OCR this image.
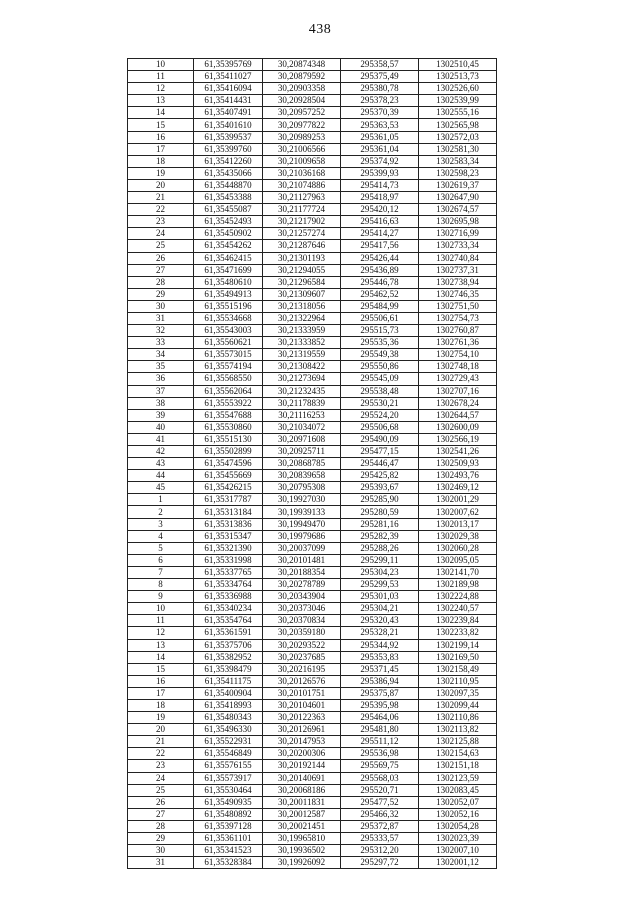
438
10	61,35395769	30,20874348	295358,57	1302510,45
11	61,35411027	30,20879592	295375,49	1302513,73
12	61,35416094	30,20903358	295380,78	1302526,60
13	61,35414431	30,20928504	295378,23	1302539,99
14	61,35407491	30,20957252	295370,39	1302555,16
15	61,35401610	30,20977822	295363,53	1302565,98
16	61,35399537	30,20989253	295361,05	1302572,03
17	61,35399760	30,21006566	295361,04	1302581,30
18	61,35412260	30,21009658	295374,92	1302583,34
19	61,35435066	30,21036168	295399,93	1302598,23
20	61,35448870	30,21074886	295414,73	1302619,37
21	61,35453388	30,21127963	295418,97	1302647,90
22	61,35455087	30,21177724	295420,12	1302674,57
23	61,35452493	30,21217902	295416,63	1302695,98
24	61,35450902	30,21257274	295414,27	1302716,99
25	61,35454262	30,21287646	295417,56	1302733,34
26	61,35462415	30,21301193	295426,44	1302740,84
27	61,35471699	30,21294055	295436,89	1302737,31
28	61,35480610	30,21296584	295446,78	1302738,94
29	61,35494913	30,21309607	295462,52	1302746,35
30	61,35515196	30,21318056	295484,99	1302751,50
31	61,35534668	30,21322964	295506,61	1302754,73
32	61,35543003	30,21333959	295515,73	1302760,87
33	61,35560621	30,21333852	295535,36	1302761,36
34	61,35573015	30,21319559	295549,38	1302754,10
35	61,35574194	30,21308422	295550,86	1302748,18
36	61,35568550	30,21273694	295545,09	1302729,43
37	61,35562064	30,21232435	295538,48	1302707,16
38	61,35553922	30,21178839	295530,21	1302678,24
39	61,35547688	30,21116253	295524,20	1302644,57
40	61,35530860	30,21034072	295506,68	1302600,09
41	61,35515130	30,20971608	295490,09	1302566,19
42	61,35502899	30,20925711	295477,15	1302541,26
43	61,35474596	30,20868785	295446,47	1302509,93
44	61,35455669	30,20839658	295425,82	1302493,76
45	61,35426215	30,20795308	295393,67	1302469,12
1	61,35317787	30,19927030	295285,90	1302001,29
2	61,35313184	30,19939133	295280,59	1302007,62
3	61,35313836	30,19949470	295281,16	1302013,17
4	61,35315347	30,19979686	295282,39	1302029,38
5	61,35321390	30,20037099	295288,26	1302060,28
6	61,35331998	30,20101481	295299,11	1302095,05
7	61,35337765	30,20188354	295304,23	1302141,70
8	61,35334764	30,20278789	295299,53	1302189,98
9	61,35336988	30,20343904	295301,03	1302224,88
10	61,35340234	30,20373046	295304,21	1302240,57
11	61,35354764	30,20370834	295320,43	1302239,84
12	61,35361591	30,20359180	295328,21	1302233,82
13	61,35375706	30,20293522	295344,92	1302199,14
14	61,35382952	30,20237685	295353,83	1302169,50
15	61,35398479	30,20216195	295371,45	1302158,49
16	61,35411175	30,20126576	295386,94	1302110,95
17	61,35400904	30,20101751	295375,87	1302097,35
18	61,35418993	30,20104601	295395,98	1302099,44
19	61,35480343	30,20122363	295464,06	1302110,86
20	61,35496330	30,20126961	295481,80	1302113,82
21	61,35522931	30,20147953	295511,12	1302125,88
22	61,35546849	30,20200306	295536,98	1302154,63
23	61,35576155	30,20192144	295569,75	1302151,18
24	61,35573917	30,20140691	295568,03	1302123,59
25	61,35530464	30,20068186	295520,71	1302083,45
26	61,35490935	30,20011831	295477,52	1302052,07
27	61,35480892	30,20012587	295466,32	1302052,16
28	61,35397128	30,20021451	295372,87	1302054,28
29	61,35361101	30,19965810	295333,57	1302023,39
30	61,35341523	30,19936502	295312,20	1302007,10
31	61,35328384	30,19926092	295297,72	1302001,12
